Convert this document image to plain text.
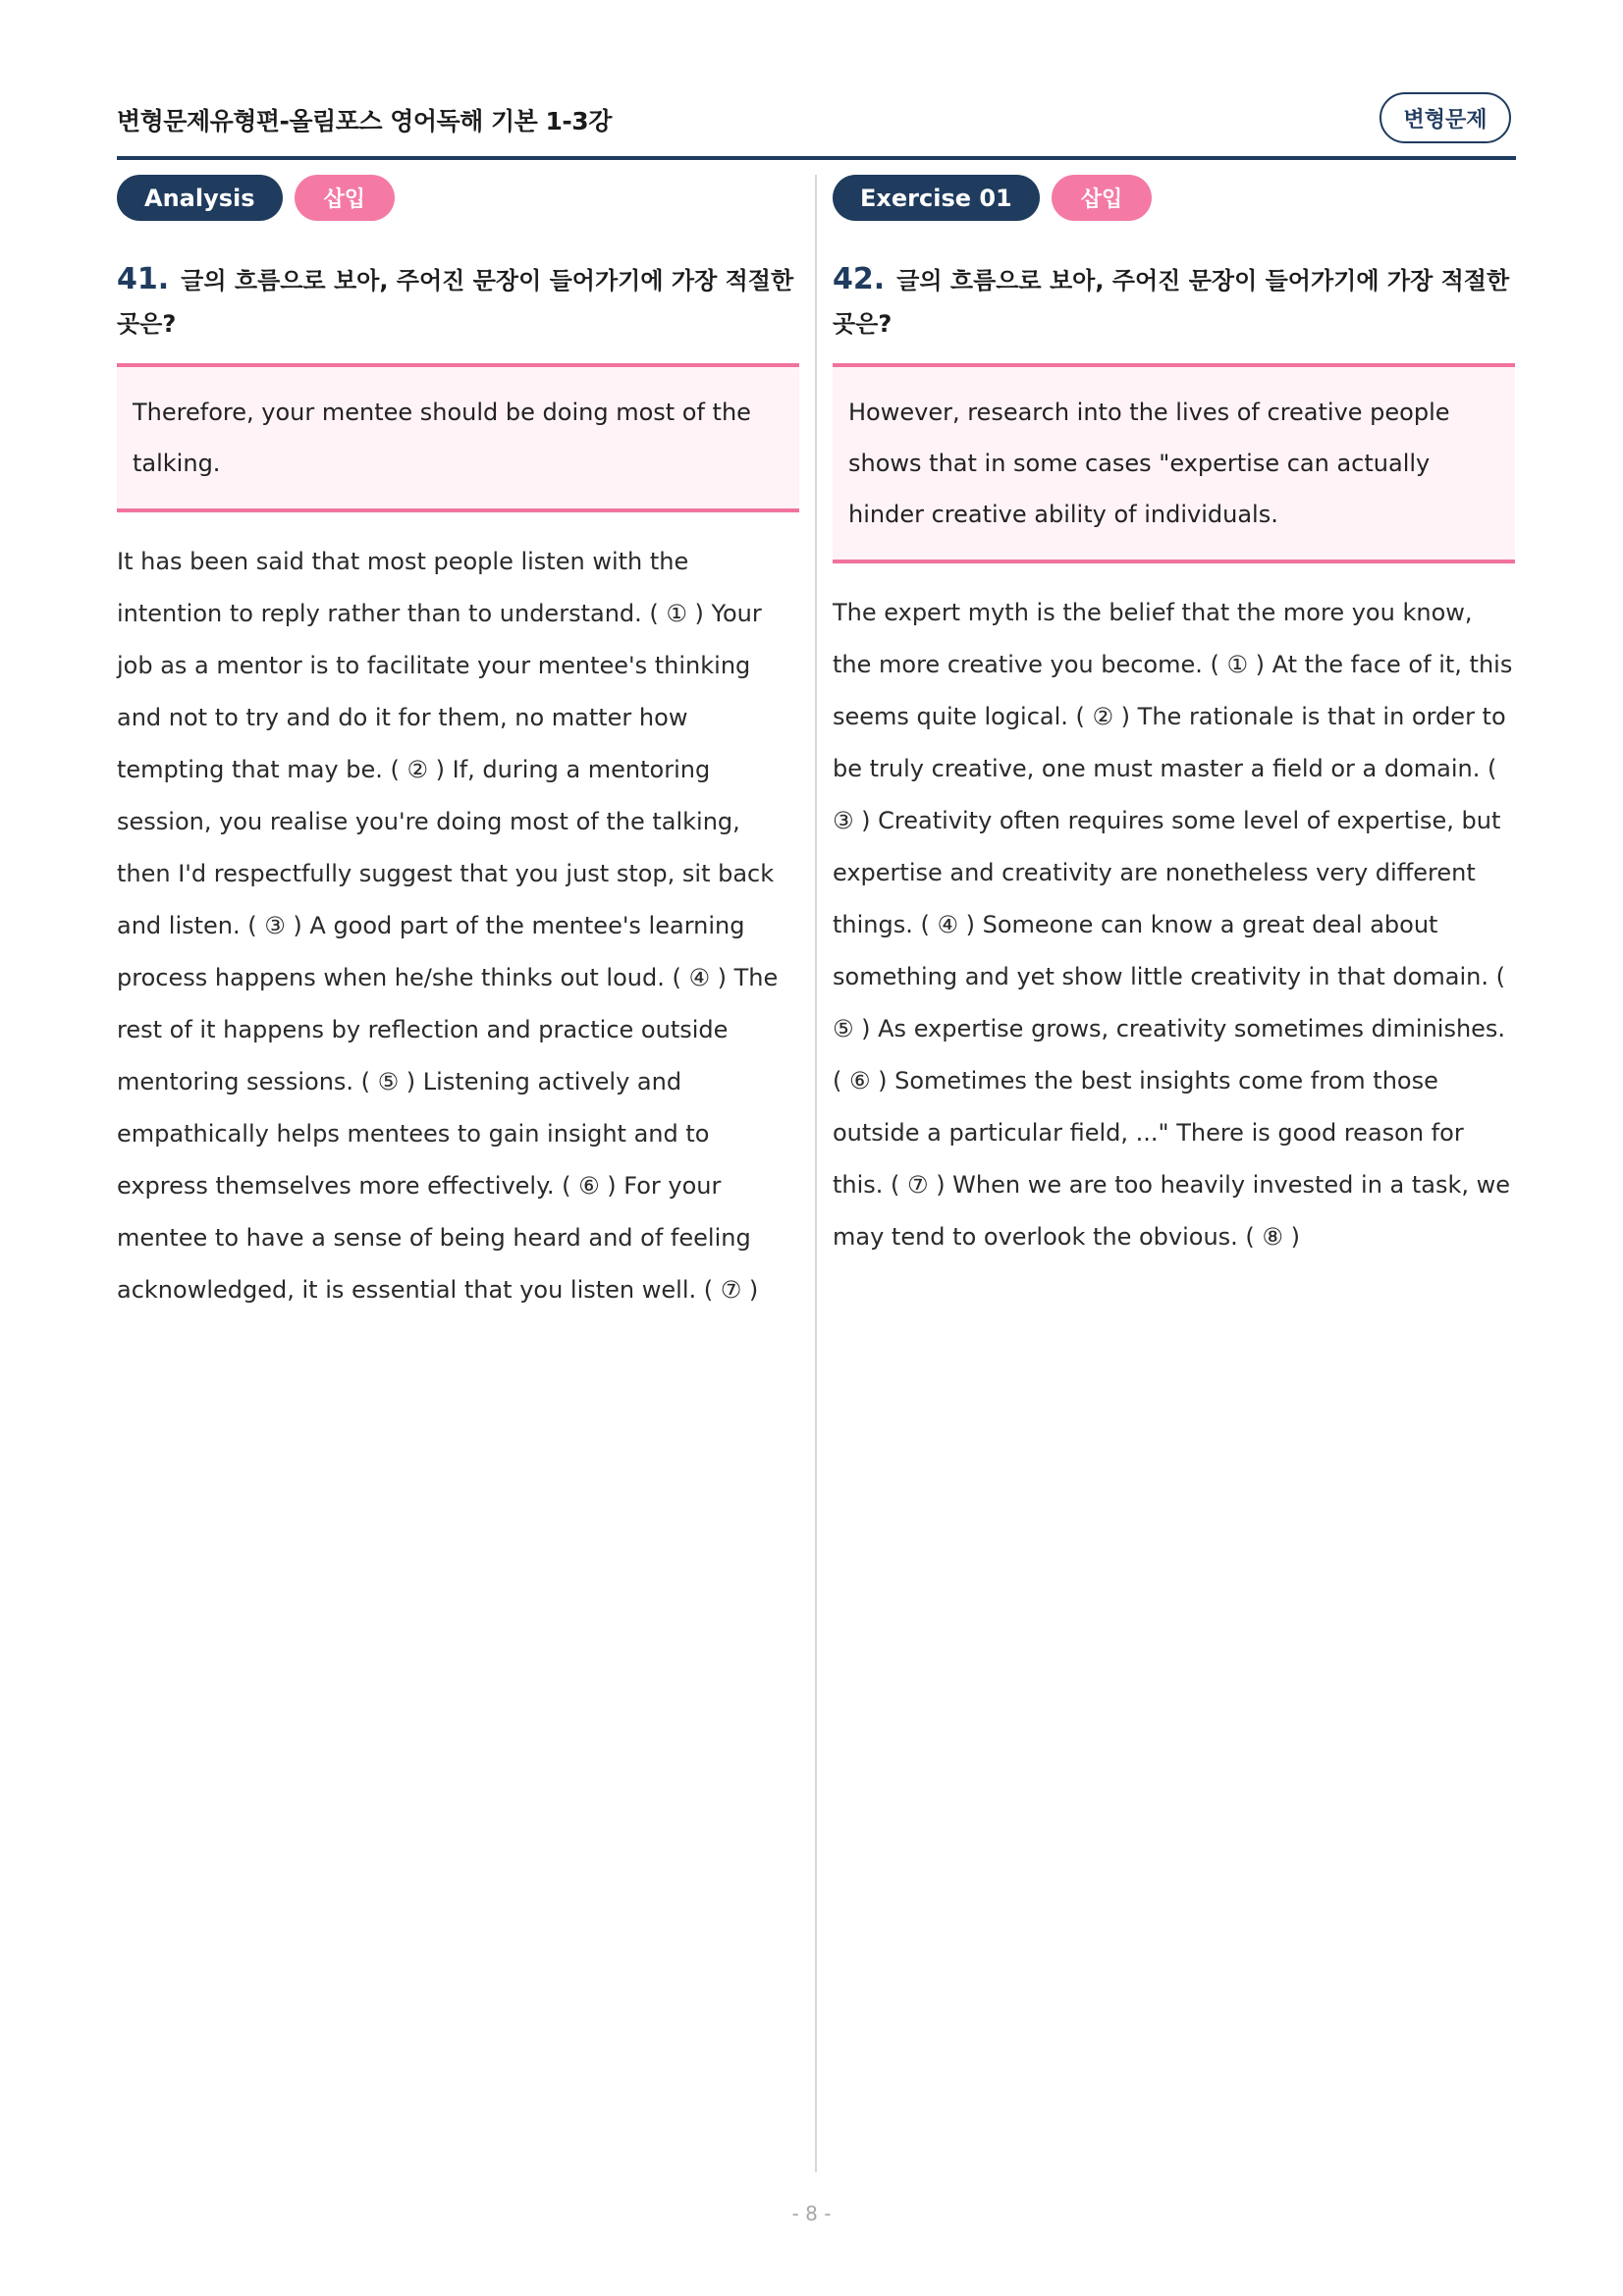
변형문제유형편-올림포스 영어독해 기본 1-3강	변형문제
Analysis	삽입
41. 글의 흐름으로 보아, 주어진 문장이 들어가기에 가장 적절한 곳은?
Therefore, your mentee should be doing most of the talking.
It has been said that most people listen with the intention to reply rather than to understand. ( ① ) Your job as a mentor is to facilitate your mentee's thinking and not to try and do it for them, no matter how tempting that may be. ( ② ) If, during a mentoring session, you realise you're doing most of the talking, then I'd respectfully suggest that you just stop, sit back and listen. ( ③ ) A good part of the mentee's learning process happens when he/she thinks out loud. ( ④ ) The rest of it happens by reflection and practice outside mentoring sessions. ( ⑤ ) Listening actively and empathically helps mentees to gain insight and to express themselves more effectively. ( ⑥ ) For your mentee to have a sense of being heard and of feeling acknowledged, it is essential that you listen well. ( ⑦ )
Exercise 01	삽입
42. 글의 흐름으로 보아, 주어진 문장이 들어가기에 가장 적절한 곳은?
However, research into the lives of creative people shows that in some cases "expertise can actually hinder creative ability of individuals.
The expert myth is the belief that the more you know, the more creative you become. ( ① ) At the face of it, this seems quite logical. ( ② ) The rationale is that in order to be truly creative, one must master a field or a domain. ( ③ ) Creativity often requires some level of expertise, but expertise and creativity are nonetheless very different things. ( ④ ) Someone can know a great deal about something and yet show little creativity in that domain. ( ⑤ ) As expertise grows, creativity sometimes diminishes. ( ⑥ ) Sometimes the best insights come from those outside a particular field, ..." There is good reason for this. ( ⑦ ) When we are too heavily invested in a task, we may tend to overlook the obvious. ( ⑧ )
- 8 -
